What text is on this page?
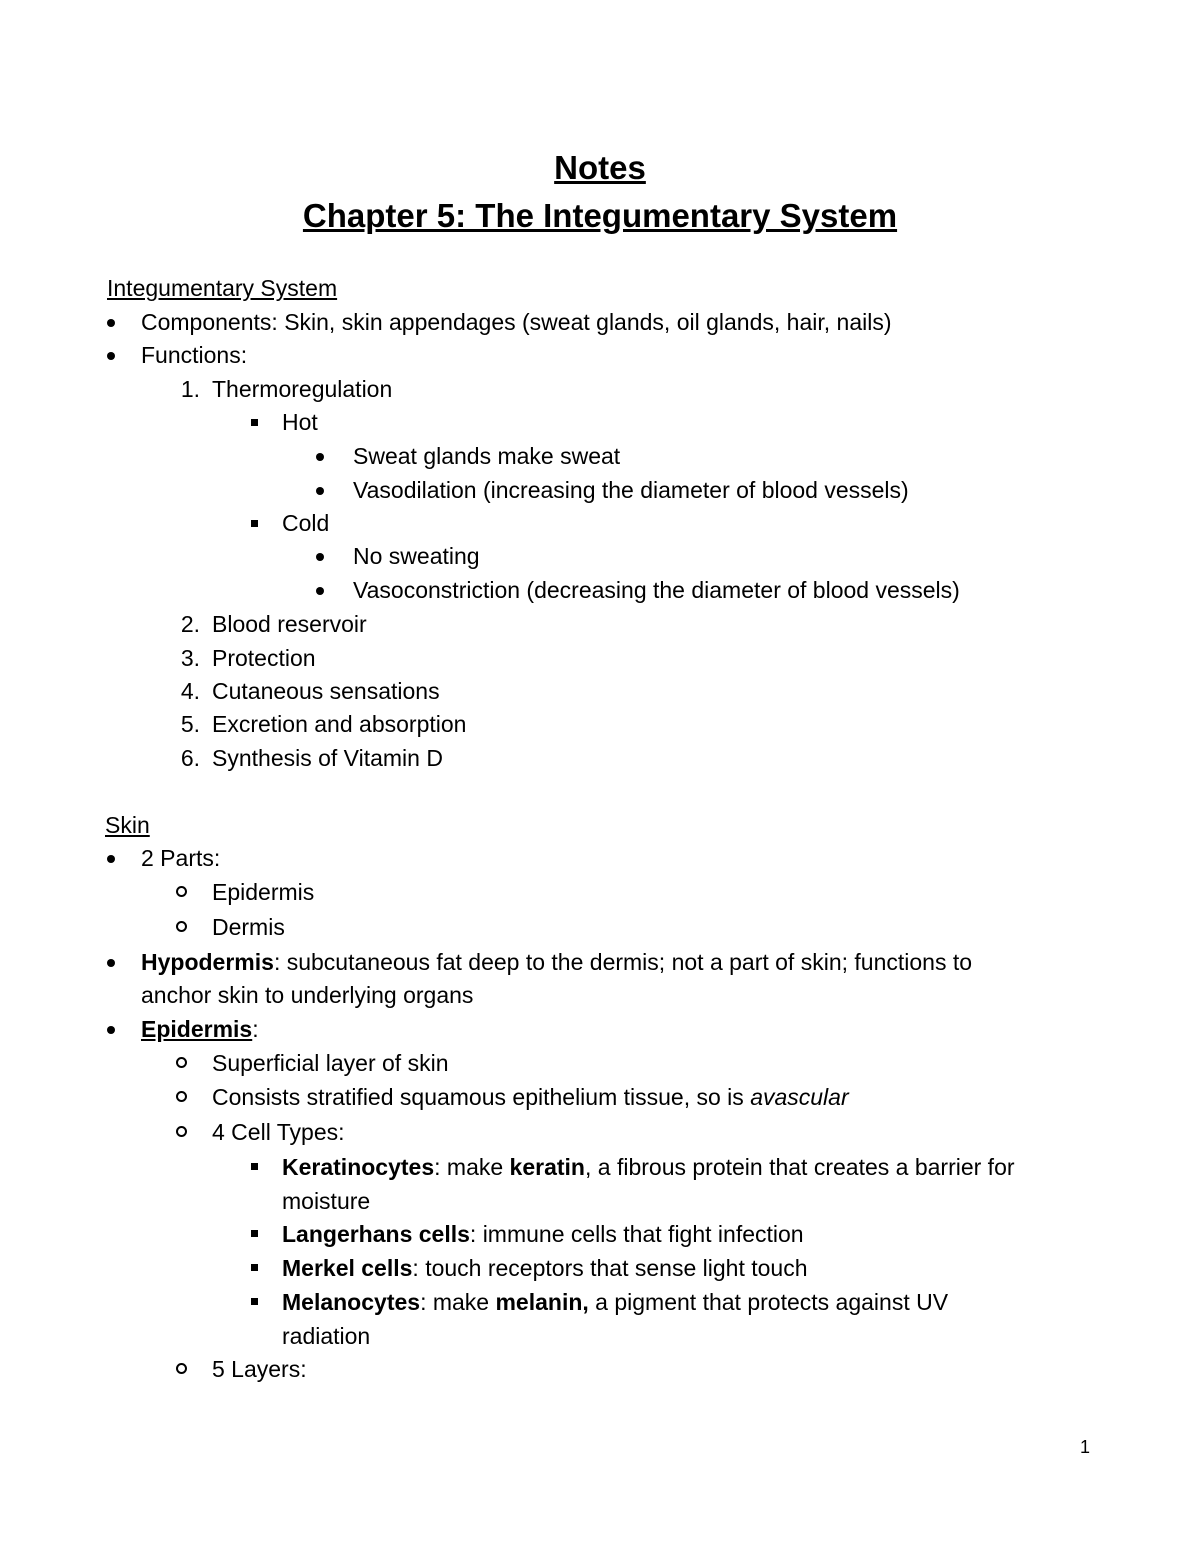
Notes
Chapter 5: The Integumentary System
Integumentary System
Components: Skin, skin appendages (sweat glands, oil glands, hair, nails)
Functions:
1. Thermoregulation
Hot
Sweat glands make sweat
Vasodilation (increasing the diameter of blood vessels)
Cold
No sweating
Vasoconstriction (decreasing the diameter of blood vessels)
2. Blood reservoir
3. Protection
4. Cutaneous sensations
5. Excretion and absorption
6. Synthesis of Vitamin D
Skin
2 Parts:
Epidermis
Dermis
Hypodermis: subcutaneous fat deep to the dermis; not a part of skin; functions to
anchor skin to underlying organs
Epidermis:
Superficial layer of skin
Consists stratified squamous epithelium tissue, so is avascular
4 Cell Types:
Keratinocytes: make keratin, a fibrous protein that creates a barrier for
moisture
Langerhans cells: immune cells that fight infection
Merkel cells: touch receptors that sense light touch
Melanocytes: make melanin, a pigment that protects against UV
radiation
5 Layers:
1
